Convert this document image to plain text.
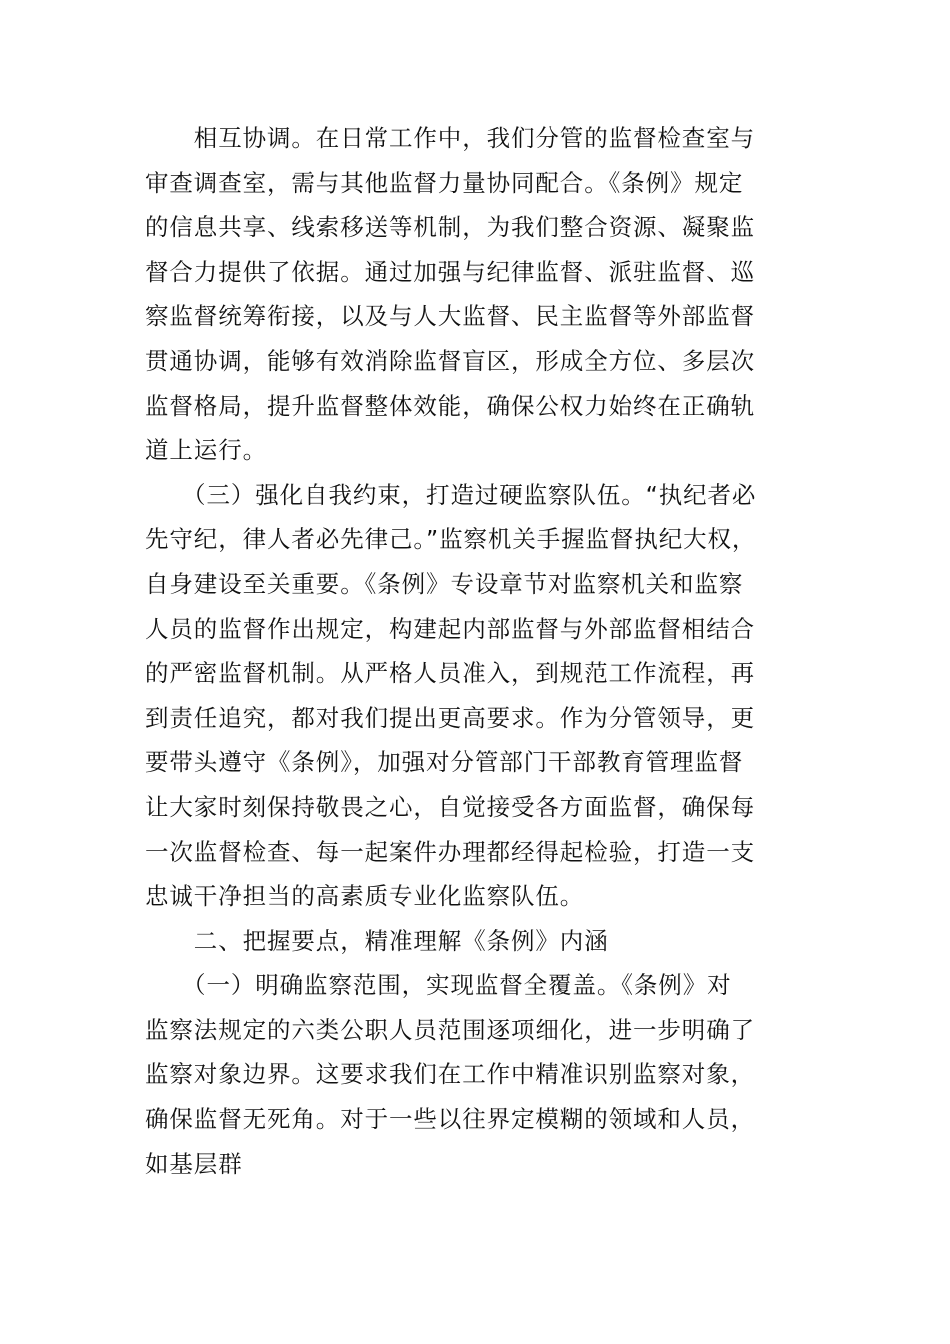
　　相互协调。在日常工作中，我们分管的监督检查室与
审查调查室，需与其他监督力量协同配合。《条例》规定
的信息共享、线索移送等机制，为我们整合资源、凝聚监
督合力提供了依据。通过加强与纪律监督、派驻监督、巡
察监督统筹衔接，以及与人大监督、民主监督等外部监督
贯通协调，能够有效消除监督盲区，形成全方位、多层次
监督格局，提升监督整体效能，确保公权力始终在正确轨
道上运行。
　　（三）强化自我约束，打造过硬监察队伍。“执纪者必
先守纪，律人者必先律己。”监察机关手握监督执纪大权，
自身建设至关重要。《条例》专设章节对监察机关和监察
人员的监督作出规定，构建起内部监督与外部监督相结合
的严密监督机制。从严格人员准入，到规范工作流程，再
到责任追究，都对我们提出更高要求。作为分管领导，更
要带头遵守《条例》，加强对分管部门干部教育管理监督
让大家时刻保持敬畏之心，自觉接受各方面监督，确保每
一次监督检查、每一起案件办理都经得起检验，打造一支
忠诚干净担当的高素质专业化监察队伍。
　　二、把握要点，精准理解《条例》内涵
　　（一）明确监察范围，实现监督全覆盖。《条例》对
监察法规定的六类公职人员范围逐项细化，进一步明确了
监察对象边界。这要求我们在工作中精准识别监察对象，
确保监督无死角。对于一些以往界定模糊的领域和人员，
如基层群
